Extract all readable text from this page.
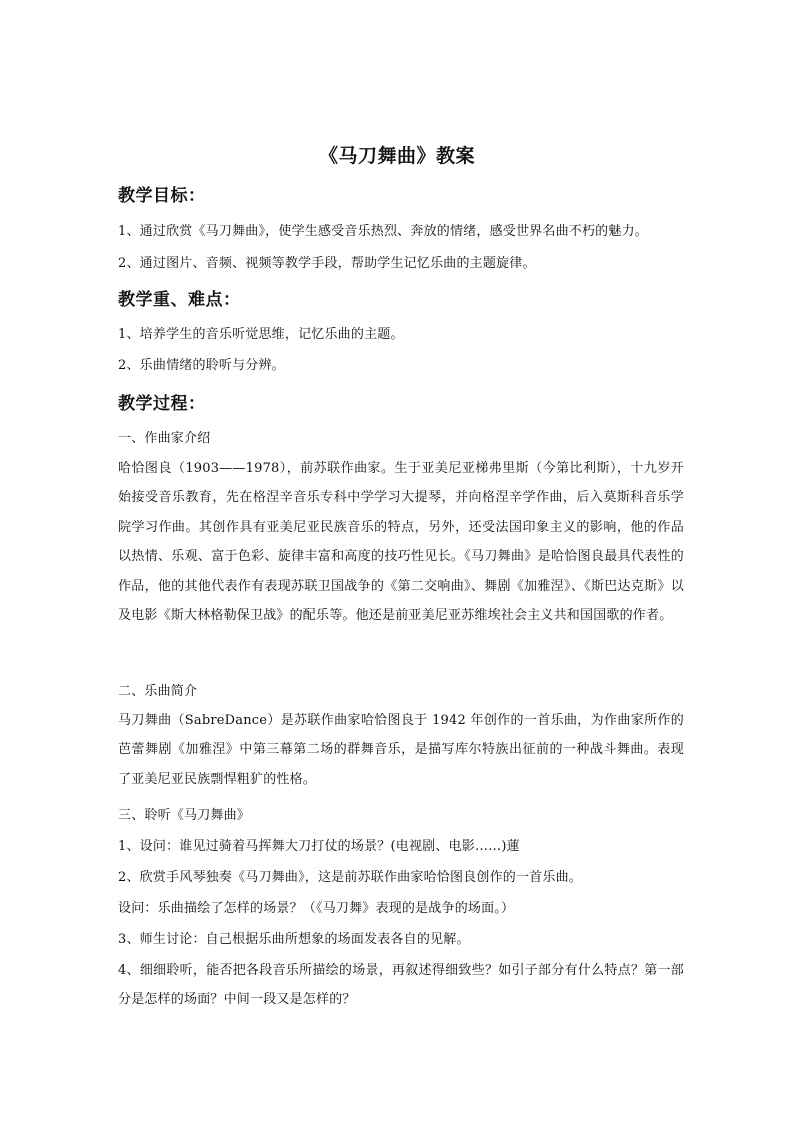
《马刀舞曲》教案
教学目标：
1、通过欣赏《马刀舞曲》，使学生感受音乐热烈、奔放的情绪，感受世界名曲不朽的魅力。
2、通过图片、音频、视频等教学手段，帮助学生记忆乐曲的主题旋律。
教学重、难点：
1、培养学生的音乐听觉思维，记忆乐曲的主题。
2、乐曲情绪的聆听与分辨。
教学过程：
一、作曲家介绍
哈恰图良（1903——1978），前苏联作曲家。生于亚美尼亚梯弗里斯（今第比利斯），十九岁开始接受音乐教育，先在格涅辛音乐专科中学学习大提琴，并向格涅辛学作曲，后入莫斯科音乐学院学习作曲。其创作具有亚美尼亚民族音乐的特点，另外，还受法国印象主义的影响，他的作品以热情、乐观、富于色彩、旋律丰富和高度的技巧性见长。《马刀舞曲》是哈恰图良最具代表性的作品，他的其他代表作有表现苏联卫国战争的《第二交响曲》、舞剧《加雅涅》、《斯巴达克斯》以及电影《斯大林格勒保卫战》的配乐等。他还是前亚美尼亚苏维埃社会主义共和国国歌的作者。
二、乐曲简介
马刀舞曲（SabreDance）是苏联作曲家哈恰图良于 1942 年创作的一首乐曲，为作曲家所作的芭蕾舞剧《加雅涅》中第三幕第二场的群舞音乐，是描写库尔特族出征前的一种战斗舞曲。表现了亚美尼亚民族剽悍粗犷的性格。
三、聆听《马刀舞曲》
1、设问：谁见过骑着马挥舞大刀打仗的场景？(电视剧、电影……)蓮
2、欣赏手风琴独奏《马刀舞曲》，这是前苏联作曲家哈恰图良创作的一首乐曲。
设问：乐曲描绘了怎样的场景？（《马刀舞》表现的是战争的场面。）
3、师生讨论：自己根据乐曲所想象的场面发表各自的见解。
4、细细聆听，能否把各段音乐所描绘的场景，再叙述得细致些？如引子部分有什么特点？第一部分是怎样的场面？中间一段又是怎样的？
